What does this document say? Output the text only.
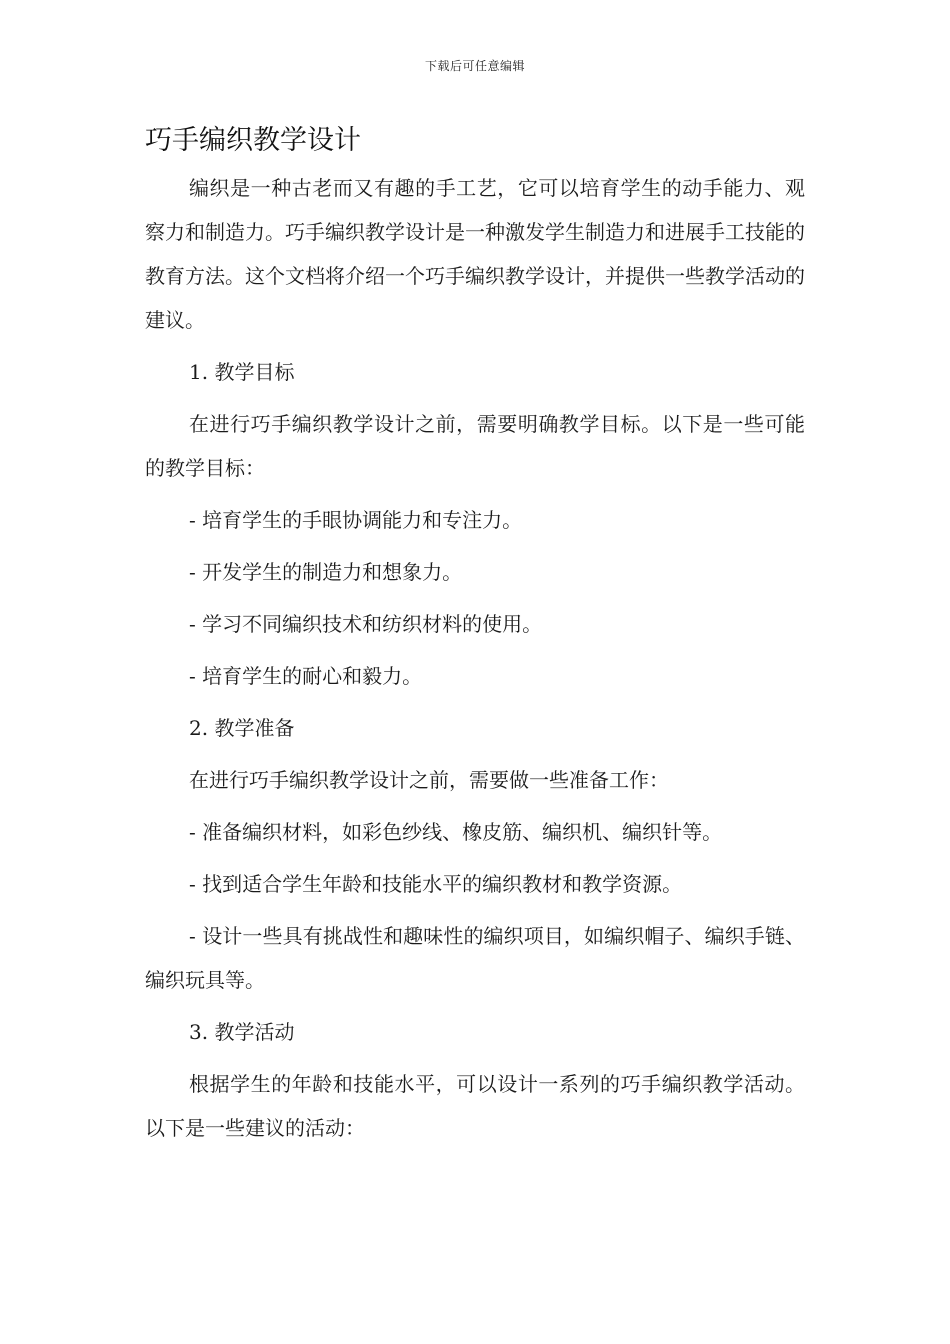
下载后可任意编辑
巧手编织教学设计

编织是一种古老而又有趣的手工艺，它可以培育学生的动手能力、观察力和制造力。巧手编织教学设计是一种激发学生制造力和进展手工技能的教育方法。这个文档将介绍一个巧手编织教学设计，并提供一些教学活动的建议。

1. 教学目标

在进行巧手编织教学设计之前，需要明确教学目标。以下是一些可能的教学目标：

- 培育学生的手眼协调能力和专注力。

- 开发学生的制造力和想象力。

- 学习不同编织技术和纺织材料的使用。

- 培育学生的耐心和毅力。

2. 教学准备

在进行巧手编织教学设计之前，需要做一些准备工作：

- 准备编织材料，如彩色纱线、橡皮筋、编织机、编织针等。

- 找到适合学生年龄和技能水平的编织教材和教学资源。

- 设计一些具有挑战性和趣味性的编织项目，如编织帽子、编织手链、编织玩具等。

3. 教学活动

根据学生的年龄和技能水平，可以设计一系列的巧手编织教学活动。以下是一些建议的活动：
